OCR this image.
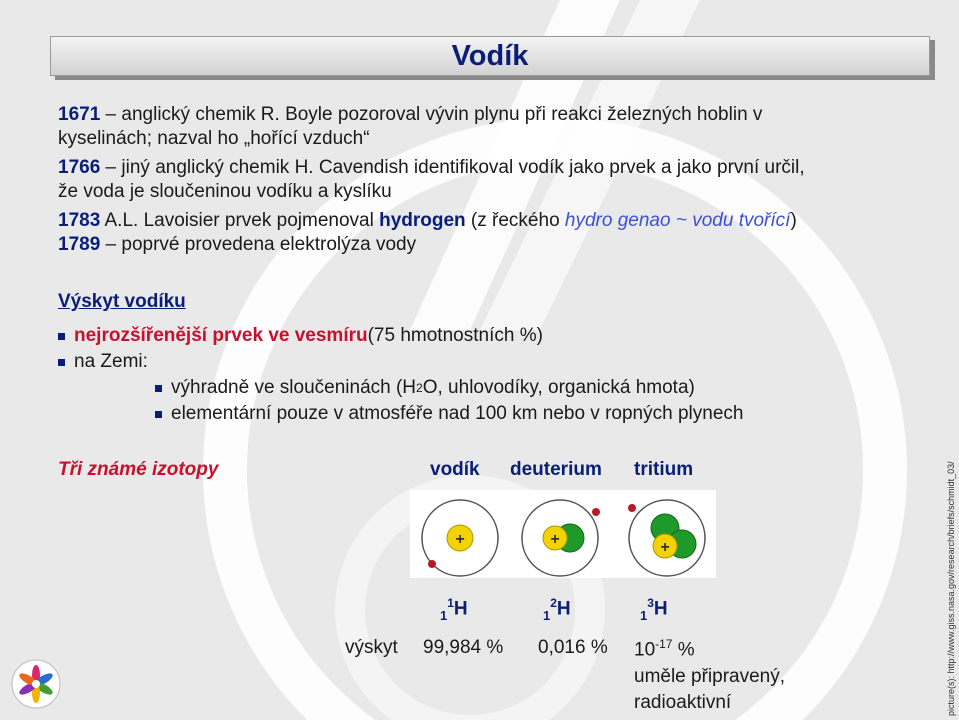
Vodík
1671 – anglický chemik R. Boyle pozoroval vývin plynu při reakci železných hoblin v
kyselinách; nazval ho „hořící vzduch“
1766 – jiný anglický chemik H. Cavendish identifikoval vodík jako prvek a jako první určil,
že voda je sloučeninou vodíku a kyslíku
1783 A.L. Lavoisier prvek pojmenoval hydrogen (z řeckého hydro genao ~ vodu tvořící)
1789 – poprvé provedena elektrolýza vody
Výskyt vodíku
nejrozšířenější prvek ve vesmíru (75 hmotnostních %)
na Zemi:
výhradně ve sloučeninách (H 2 O, uhlovodíky, organická hmota)
elementární pouze v atmosféře nad 100 km nebo v ropných plynech
Tři známé izotopy	vodík deuterium tritium
+	+	+
$_1^1$H	$_1^2$H	$_1^3$H
výskyt 99,984 % 0,016 % $10^{-17}$ %
uměle připravený,
radioaktivní	picture(s): http://www.giss.nasa.gov/research/briefs/schmidt_03/
